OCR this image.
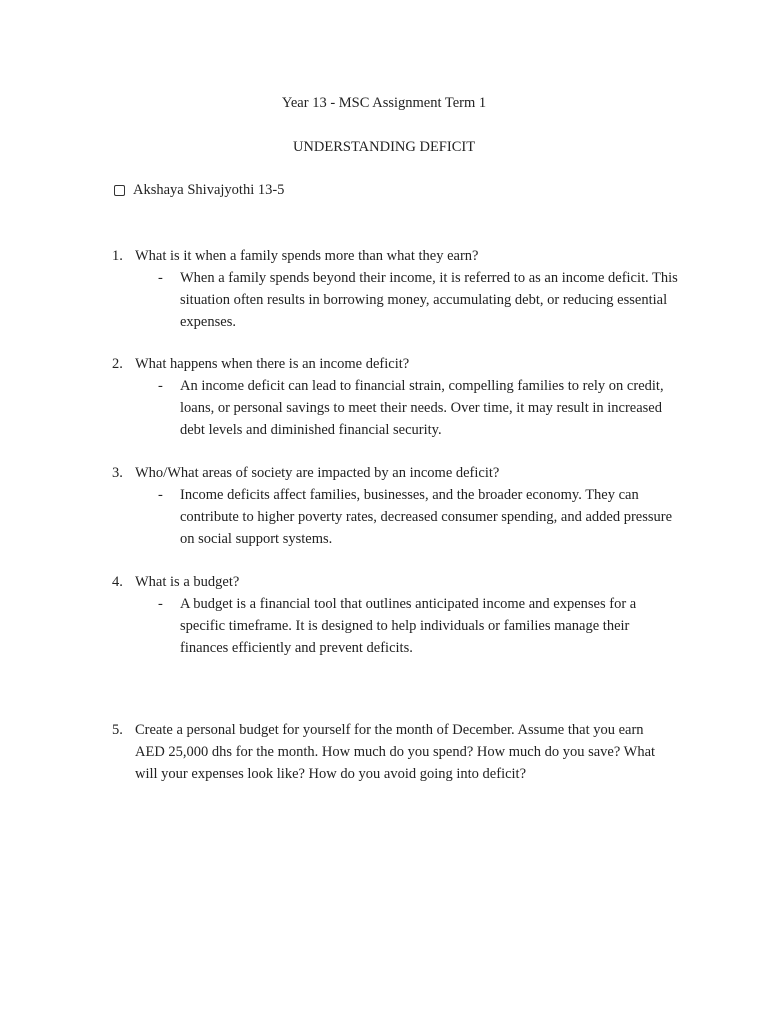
Year 13 - MSC Assignment Term 1
UNDERSTANDING DEFICIT
Akshaya Shivajyothi 13-5
1. What is it when a family spends more than what they earn?
- When a family spends beyond their income, it is referred to as an income deficit. This situation often results in borrowing money, accumulating debt, or reducing essential expenses.
2. What happens when there is an income deficit?
- An income deficit can lead to financial strain, compelling families to rely on credit, loans, or personal savings to meet their needs. Over time, it may result in increased debt levels and diminished financial security.
3. Who/What areas of society are impacted by an income deficit?
- Income deficits affect families, businesses, and the broader economy. They can contribute to higher poverty rates, decreased consumer spending, and added pressure on social support systems.
4. What is a budget?
- A budget is a financial tool that outlines anticipated income and expenses for a specific timeframe. It is designed to help individuals or families manage their finances efficiently and prevent deficits.
5. Create a personal budget for yourself for the month of December. Assume that you earn AED 25,000 dhs for the month. How much do you spend? How much do you save? What will your expenses look like? How do you avoid going into deficit?
